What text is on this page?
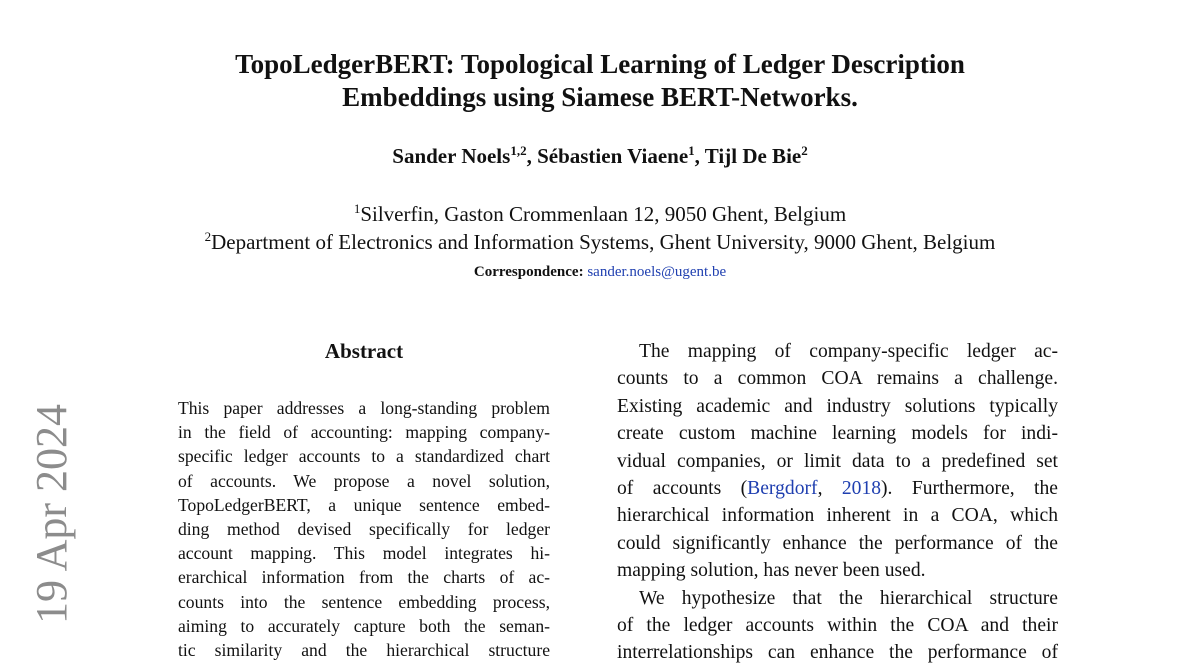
19 Apr 2024
TopoLedgerBERT: Topological Learning of Ledger Description
Embeddings using Siamese BERT-Networks.
Sander Noels$^{1,2}$, Sébastien Viaene$^1$, Tijl De Bie$^2$
$^1$Silverfin, Gaston Crommenlaan 12, 9050 Ghent, Belgium
$^2$Department of Electronics and Information Systems, Ghent University, 9000 Ghent, Belgium
Correspondence: sander.noels@ugent.be
Abstract
This paper addresses a long-standing problem
in the field of accounting: mapping company-
specific ledger accounts to a standardized chart
of accounts. We propose a novel solution,
TopoLedgerBERT, a unique sentence embed-
ding method devised specifically for ledger
account mapping. This model integrates hi-
erarchical information from the charts of ac-
counts into the sentence embedding process,
aiming to accurately capture both the seman-
tic similarity and the hierarchical structure
The mapping of company-specific ledger ac-
counts to a common COA remains a challenge.
Existing academic and industry solutions typically
create custom machine learning models for indi-
vidual companies, or limit data to a predefined set
of accounts (Bergdorf, 2018). Furthermore, the
hierarchical information inherent in a COA, which
could significantly enhance the performance of the
mapping solution, has never been used.
We hypothesize that the hierarchical structure
of the ledger accounts within the COA and their
interrelationships can enhance the performance of
